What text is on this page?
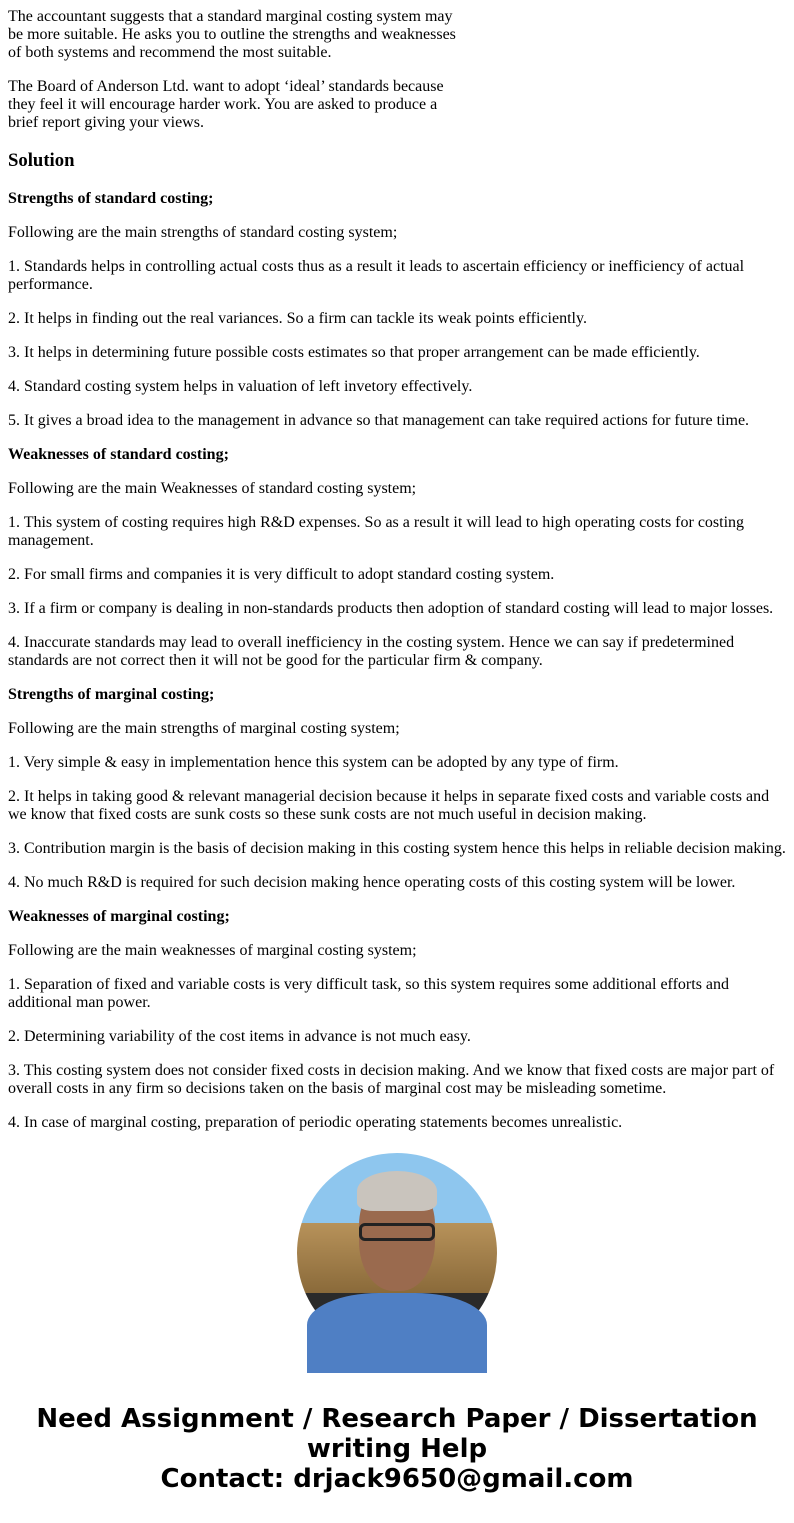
The accountant suggests that a standard marginal costing system may be more suitable. He asks you to outline the strengths and weaknesses of both systems and recommend the most suitable.

The Board of Anderson Ltd. want to adopt ‘ideal’ standards because they feel it will encourage harder work. You are asked to produce a brief report giving your views.

Solution

Strengths of standard costing;

Following are the main strengths of standard costing system;

1. Standards helps in controlling actual costs thus as a result it leads to ascertain efficiency or inefficiency of actual performance.

2. It helps in finding out the real variances. So a firm can tackle its weak points efficiently.

3. It helps in determining future possible costs estimates so that proper arrangement can be made efficiently.

4. Standard costing system helps in valuation of left invetory effectively.

5. It gives a broad idea to the management in advance so that management can take required actions for future time.

Weaknesses of standard costing;

Following are the main Weaknesses of standard costing system;

1. This system of costing requires high R&D expenses. So as a result it will lead to high operating costs for costing management.

2. For small firms and companies it is very difficult to adopt standard costing system.

3. If a firm or company is dealing in non-standards products then adoption of standard costing will lead to major losses.

4. Inaccurate standards may lead to overall inefficiency in the costing system. Hence we can say if predetermined standards are not correct then it will not be good for the particular firm & company.

Strengths of marginal costing;

Following are the main strengths of marginal costing system;

1. Very simple & easy in implementation hence this system can be adopted by any type of firm.

2. It helps in taking good & relevant managerial decision because it helps in separate fixed costs and variable costs and we know that fixed costs are sunk costs so these sunk costs are not much useful in decision making.

3. Contribution margin is the basis of decision making in this costing system hence this helps in reliable decision making.

4. No much R&D is required for such decision making hence operating costs of this costing system will be lower.

Weaknesses of marginal costing;

Following are the main weaknesses of marginal costing system;

1. Separation of fixed and variable costs is very difficult task, so this system requires some additional efforts and additional man power.

2. Determining variability of the cost items in advance is not much easy.

3. This costing system does not consider fixed costs in decision making. And we know that fixed costs are major part of overall costs in any firm so decisions taken on the basis of marginal cost may be misleading sometime.

4. In case of marginal costing, preparation of periodic operating statements becomes unrealistic.

Need Assignment / Research Paper / Dissertation writing Help
Contact: drjack9650@gmail.com
